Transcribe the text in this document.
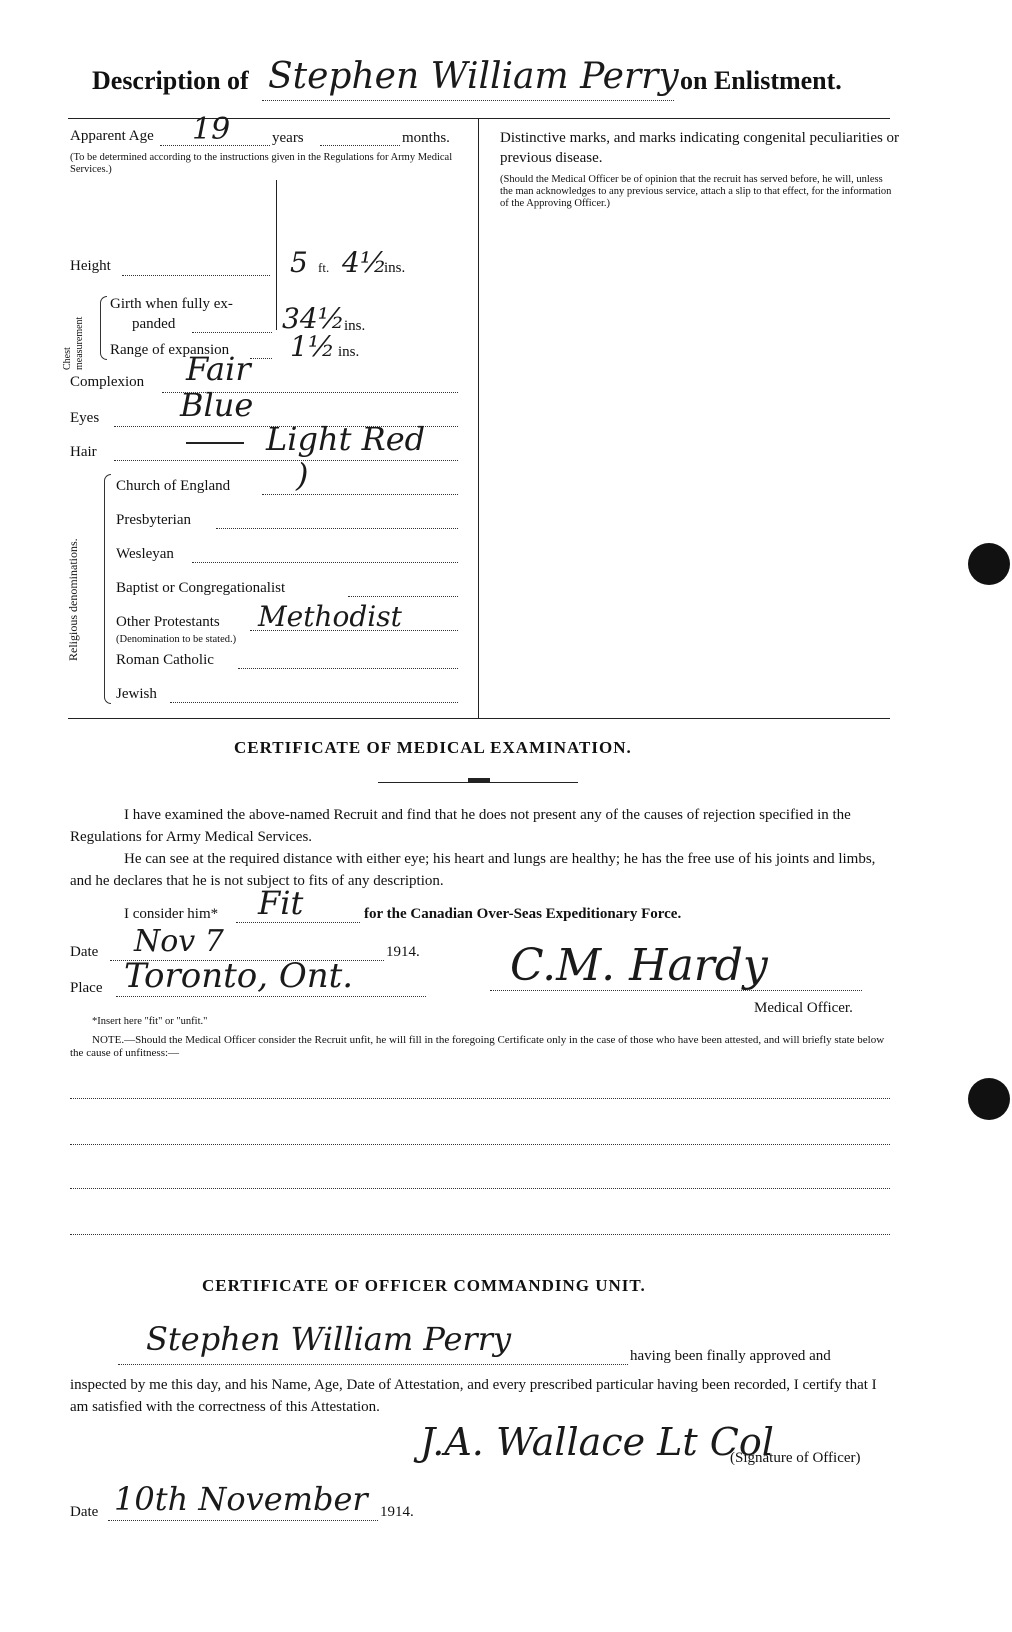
Description of Stephen William Perry on Enlistment.
Apparent Age 19	years	months.
(To be determined according to the instructions given in the Regulations for Army Medical Services.)
Height	5 ft. 4½
ins.
Chest measurement
Girth when fully ex-
panded	34½ ins.
Range of expansion 1½ ins.
Complexion Fair
Eyes	Blue
Hair	Light Red
Religious denominations.
Church of England )
Presbyterian
Wesleyan
Baptist or Congregationalist
Other Protestants Methodist
(Denomination to be stated.)
Roman Catholic
Jewish
Distinctive marks, and marks indicating congenital peculiarities or previous disease.
(Should the Medical Officer be of opinion that the recruit has served before, he will, unless the man acknowledges to any previous service, attach a slip to that effect, for the information of the Approving Officer.)
CERTIFICATE OF MEDICAL EXAMINATION.
I have examined the above-named Recruit and find that he does not present any of the causes of rejection specified in the Regulations for Army Medical Services.
He can see at the required distance with either eye; his heart and lungs are healthy; he has the free use of his joints and limbs, and he declares that he is not subject to fits of any description.
I consider him* Fit	for the Canadian Over-Seas Expeditionary Force.
Date Nov 7	1914.
Place Toronto, Ont.	C.M. Hardy
Medical Officer.
*Insert here "fit" or "unfit."
NOTE.—Should the Medical Officer consider the Recruit unfit, he will fill in the foregoing Certificate only in the case of those who have been attested, and will briefly state below the cause of unfitness:—
CERTIFICATE OF OFFICER COMMANDING UNIT.
Stephen William Perry	having been finally approved and
inspected by me this day, and his Name, Age, Date of Attestation, and every prescribed particular having been recorded, I certify that I am satisfied with the correctness of this Attestation.
J.A. Wallace Lt Col
(Signature of Officer)
Date 10th November 1914.
